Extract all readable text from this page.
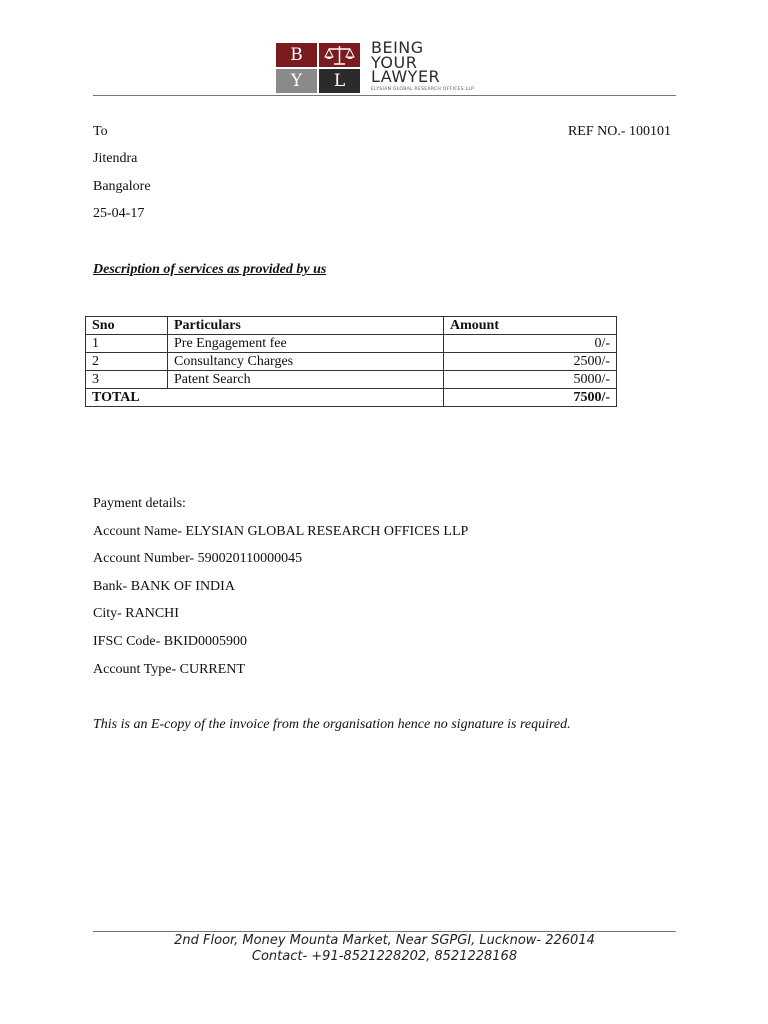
B
Y	L
BEING
YOUR
LAWYER
ELYSIAN GLOBAL RESEARCH OFFICES LLP
To	REF NO.- 100101
Jitendra
Bangalore
25-04-17
Description of services as provided by us
Sno	Particulars	Amount
1	Pre Engagement fee	0/-
2	Consultancy Charges	2500/-
3	Patent Search	5000/-
TOTAL		7500/-
Payment details:
Account Name- ELYSIAN GLOBAL RESEARCH OFFICES LLP
Account Number- 590020110000045
Bank- BANK OF INDIA
City- RANCHI
IFSC Code- BKID0005900
Account Type- CURRENT
This is an E-copy of the invoice from the organisation hence no signature is required.
2nd Floor, Money Mounta Market, Near SGPGI, Lucknow- 226014
Contact- +91-8521228202, 8521228168
